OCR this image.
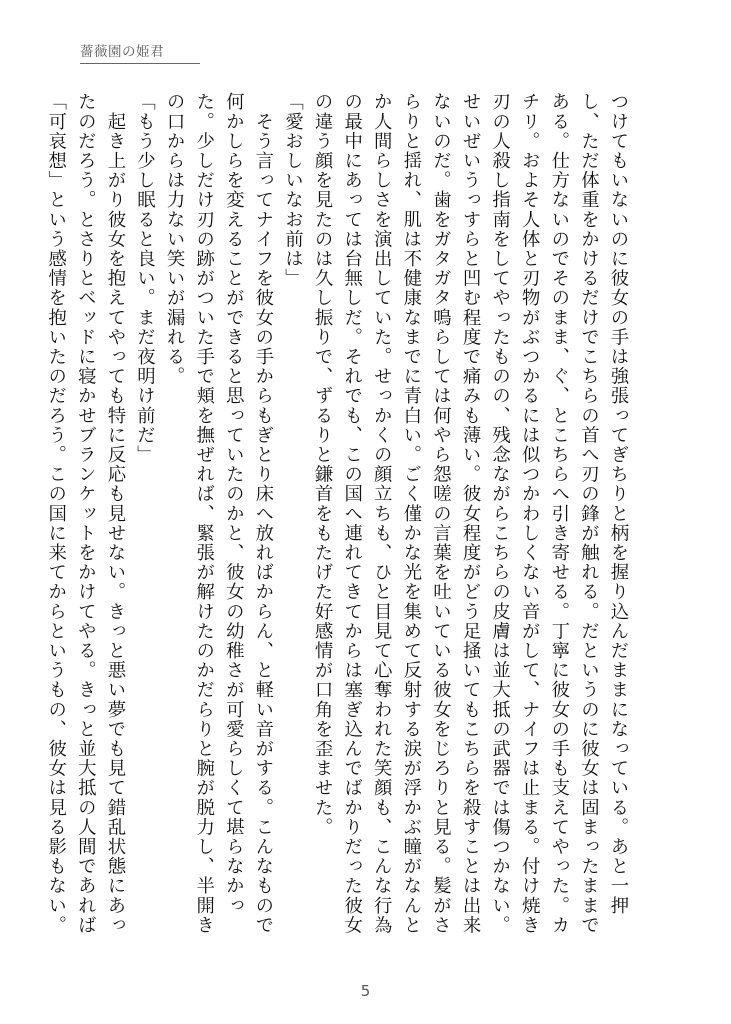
薔薇園の姫君

つけてもいないのに彼女の手は強張ってぎちりと柄を握り込んだままになっている。あと一押し、ただ体重をかけるだけでこちらの首へ刃の鋒が触れる。だというのに彼女は固まったままである。仕方ないのでそのまま、ぐ、とこちらへ引き寄せる。丁寧に彼女の手も支えてやった。カチリ。およそ人体と刃物がぶつかるには似つかわしくない音がして、ナイフは止まる。付け焼き刃の人殺し指南をしてやったものの、残念ながらこちらの皮膚は並大抵の武器では傷つかない。せいぜいうっすらと凹む程度で痛みも薄い。彼女程度がどう足掻いてもこちらを殺すことは出来ないのだ。歯をガタガタ鳴らしては何やら怨嗟の言葉を吐いている彼女をじろりと見る。髪がさらりと揺れ、肌は不健康なまでに青白い。ごく僅かな光を集めて反射する涙が浮かぶ瞳がなんとか人間らしさを演出していた。せっかくの顔立ちも、ひと目見て心奪われた笑顔も、こんな行為の最中にあっては台無しだ。それでも、この国へ連れてきてからは塞ぎ込んでばかりだった彼女の違う顔を見たのは久し振りで、ずるりと鎌首をもたげた好感情が口角を歪ませた。

「愛おしいなお前は」

　そう言ってナイフを彼女の手からもぎとり床へ放ればからん、と軽い音がする。こんなもので何かしらを変えることができると思っていたのかと、彼女の幼稚さが可愛らしくて堪らなかった。少しだけ刃の跡がついた手で頬を撫ぜれば、緊張が解けたのかだらりと腕が脱力し、半開きの口からは力ない笑いが漏れる。

「もう少し眠ると良い。まだ夜明け前だ」

　起き上がり彼女を抱えてやっても特に反応も見せない。きっと悪い夢でも見て錯乱状態にあったのだろう。とさりとベッドに寝かせブランケットをかけてやる。きっと並大抵の人間であれば「可哀想」という感情を抱いたのだろう。この国に来てからというもの、彼女は見る影もない。

5
